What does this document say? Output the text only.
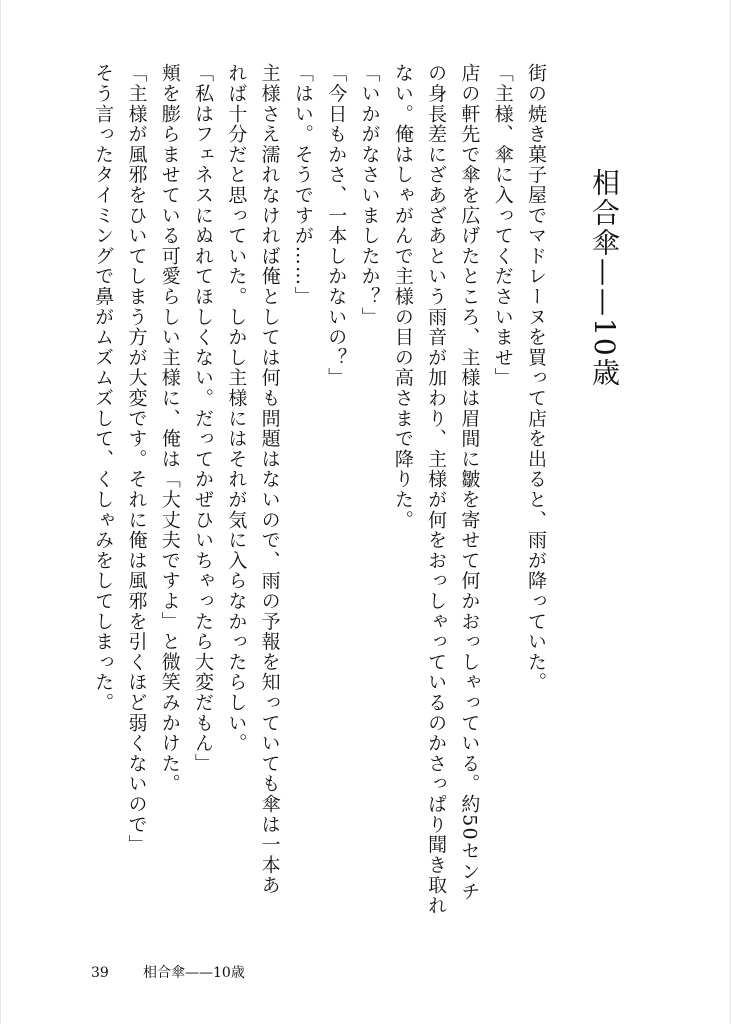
相合傘——10歳

街の焼き菓子屋でマドレーヌを買って店を出ると、雨が降っていた。

「主様、傘に入ってくださいませ」

店の軒先で傘を広げたところ、主様は眉間に皺を寄せて何かおっしゃっている。約50センチ

の身長差にざあざあという雨音が加わり、主様が何をおっしゃっているのかさっぱり聞き取れ

ない。俺はしゃがんで主様の目の高さまで降りた。

「いかがなさいましたか？」

「今日もかさ、一本しかないの？」

「はい。そうですが……」

主様さえ濡れなければ俺としては何も問題はないので、雨の予報を知っていても傘は一本あ

れば十分だと思っていた。しかし主様にはそれが気に入らなかったらしい。

「私はフェネスにぬれてほしくない。だってかぜひいちゃったら大変だもん」

頬を膨らませている可愛らしい主様に、俺は「大丈夫ですよ」と微笑みかけた。

「主様が風邪をひいてしまう方が大変です。それに俺は風邪を引くほど弱くないので」

そう言ったタイミングで鼻がムズムズして、くしゃみをしてしまった。

39 相合傘——10歳
